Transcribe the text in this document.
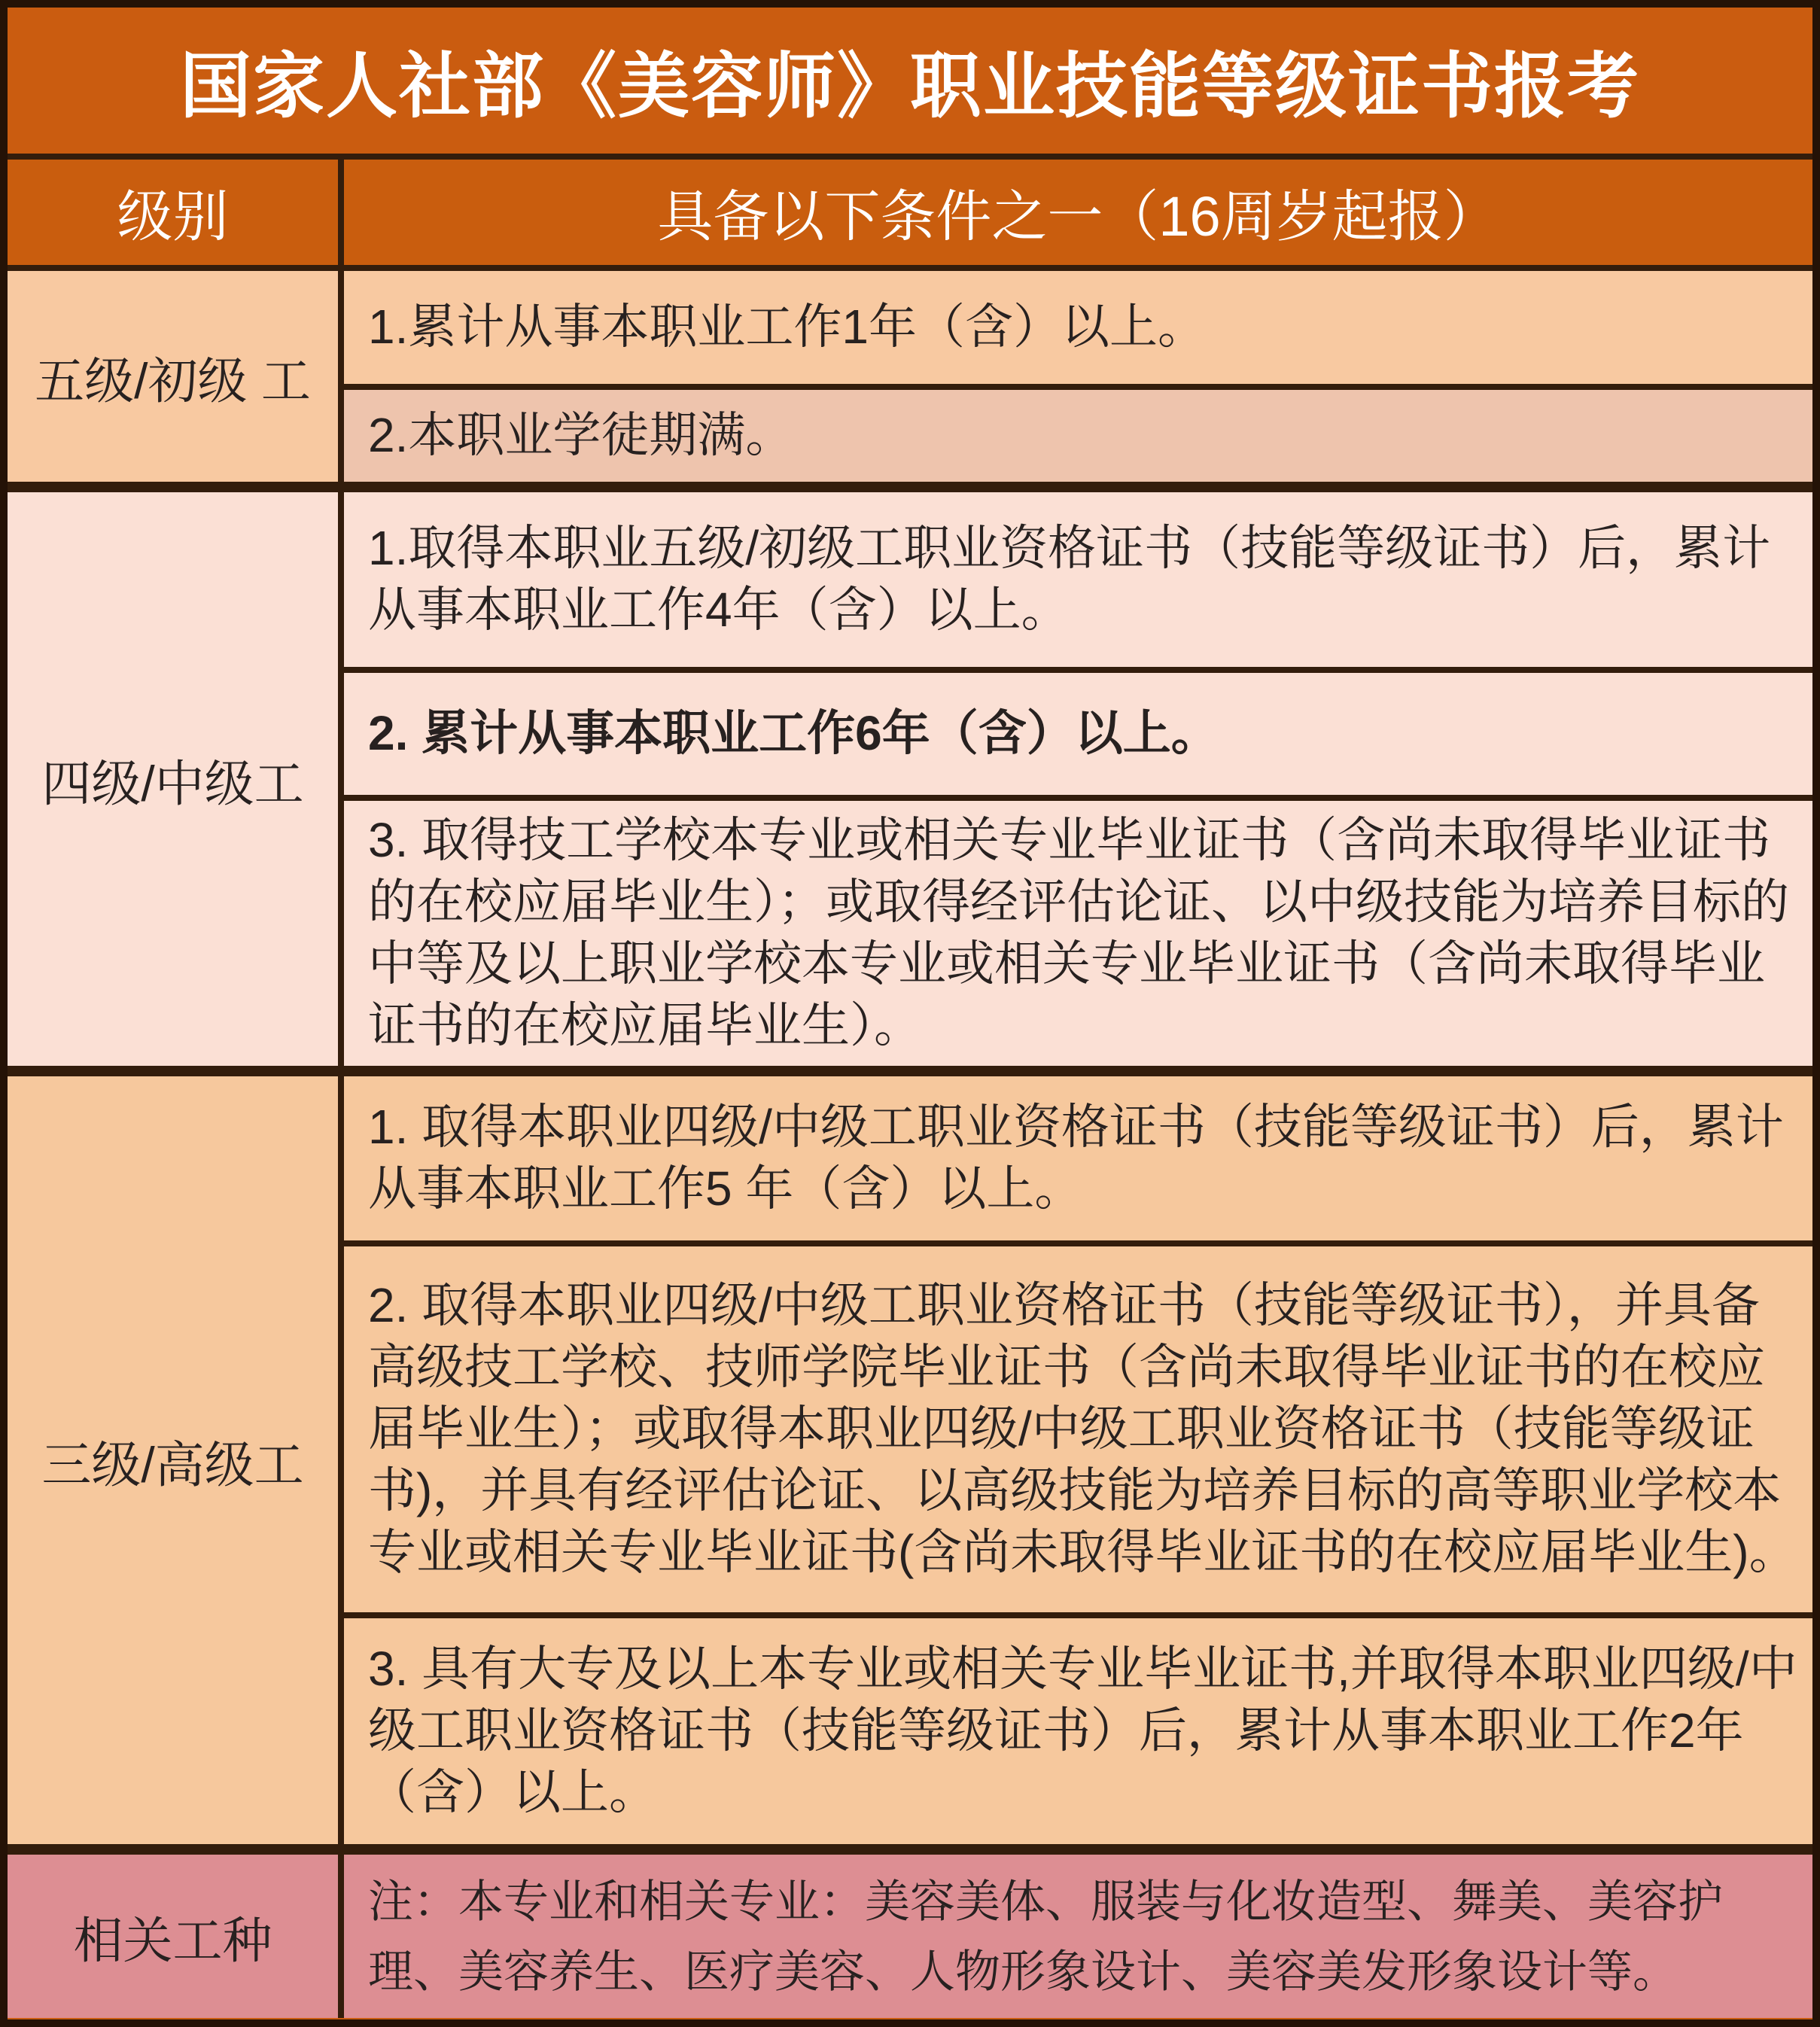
国家人社部《美容师》职业技能等级证书报考
级别	具备以下条件之一（16周岁起报）
五级/初级 工
1.累计从事本职业工作1年（含）以上。
2.本职业学徒期满。
四级/中级工
1.取得本职业五级/初级工职业资格证书（技能等级证书）后，累计从事本职业工作4年（含）以上。
2. 累计从事本职业工作6年（含）以上。
3. 取得技工学校本专业或相关专业毕业证书（含尚未取得毕业证书的在校应届毕业生）；或取得经评估论证、以中级技能为培养目标的中等及以上职业学校本专业或相关专业毕业证书（含尚未取得毕业证书的在校应届毕业生）。
三级/高级工
1. 取得本职业四级/中级工职业资格证书（技能等级证书）后，累计从事本职业工作5 年（含）以上。
2. 取得本职业四级/中级工职业资格证书（技能等级证书），并具备高级技工学校、技师学院毕业证书（含尚未取得毕业证书的在校应届毕业生）；或取得本职业四级/中级工职业资格证书（技能等级证书)，并具有经评估论证、以高级技能为培养目标的高等职业学校本专业或相关专业毕业证书(含尚未取得毕业证书的在校应届毕业生)。
3. 具有大专及以上本专业或相关专业毕业证书,并取得本职业四级/中级工职业资格证书（技能等级证书）后，累计从事本职业工作2年（含）以上。
相关工种
注：本专业和相关专业：美容美体、服装与化妆造型、舞美、美容护理、美容养生、医疗美容、人物形象设计、美容美发形象设计等。
